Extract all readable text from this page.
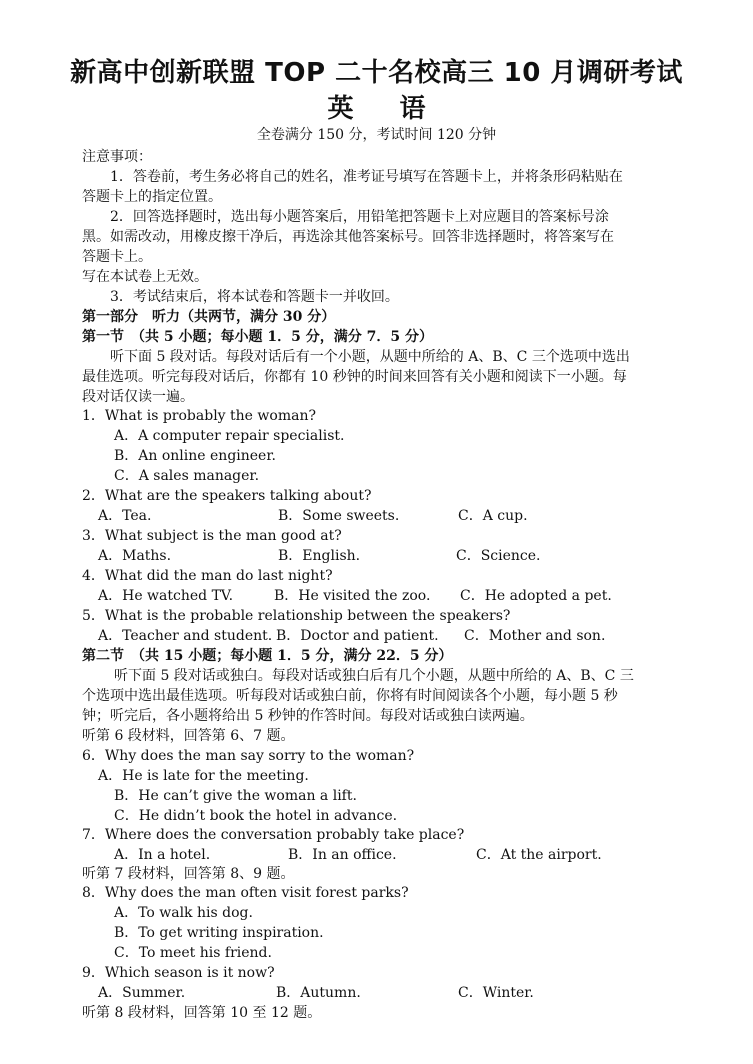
新高中创新联盟 TOP 二十名校高三 10 月调研考试
英 语
全卷满分 150 分，考试时间 120 分钟
注意事项：
1．答卷前，考生务必将自己的姓名，准考证号填写在答题卡上，并将条形码粘贴在
答题卡上的指定位置。
2．回答选择题时，选出每小题答案后，用铅笔把答题卡上对应题目的答案标号涂
黑。如需改动，用橡皮擦干净后，再选涂其他答案标号。回答非选择题时，将答案写在
答题卡上。
写在本试卷上无效。
3．考试结束后，将本试卷和答题卡一并收回。
第一部分　听力（共两节，满分 30 分）
第一节　（共 5 小题；每小题 1．5 分，满分 7．5 分）
听下面 5 段对话。每段对话后有一个小题，从题中所给的 A、B、C 三个选项中选出
最佳选项。听完每段对话后，你都有 10 秒钟的时间来回答有关小题和阅读下一小题。每
段对话仅读一遍。
1．What is probably the woman?
A．A computer repair specialist.
B．An online engineer.
C．A sales manager.
2．What are the speakers talking about?
A．Tea.	B．Some sweets.	C．A cup.
3．What subject is the man good at?
A．Maths.	B．English.	C．Science.
4．What did the man do last night?
A．He watched TV.	B．He visited the zoo. C．He adopted a pet.
5．What is the probable relationship between the speakers?
A．Teacher and student. B．Doctor and patient. C．Mother and son.
第二节　（共 15 小题；每小题 1．5 分，满分 22．5 分）
听下面 5 段对话或独白。每段对话或独白后有几个小题，从题中所给的 A、B、C 三
个选项中选出最佳选项。听每段对话或独白前，你将有时间阅读各个小题，每小题 5 秒
钟；听完后，各小题将给出 5 秒钟的作答时间。每段对话或独白读两遍。
听第 6 段材料，回答第 6、7 题。
6．Why does the man say sorry to the woman?
A．He is late for the meeting.
B．He can’t give the woman a lift.
C．He didn’t book the hotel in advance.
7．Where does the conversation probably take place?
A．In a hotel.	B．In an office.	C．At the airport.
听第 7 段材料，回答第 8、9 题。
8．Why does the man often visit forest parks?
A．To walk his dog.
B．To get writing inspiration.
C．To meet his friend.
9．Which season is it now?
A．Summer.	B．Autumn.	C．Winter.
听第 8 段材料，回答第 10 至 12 题。
